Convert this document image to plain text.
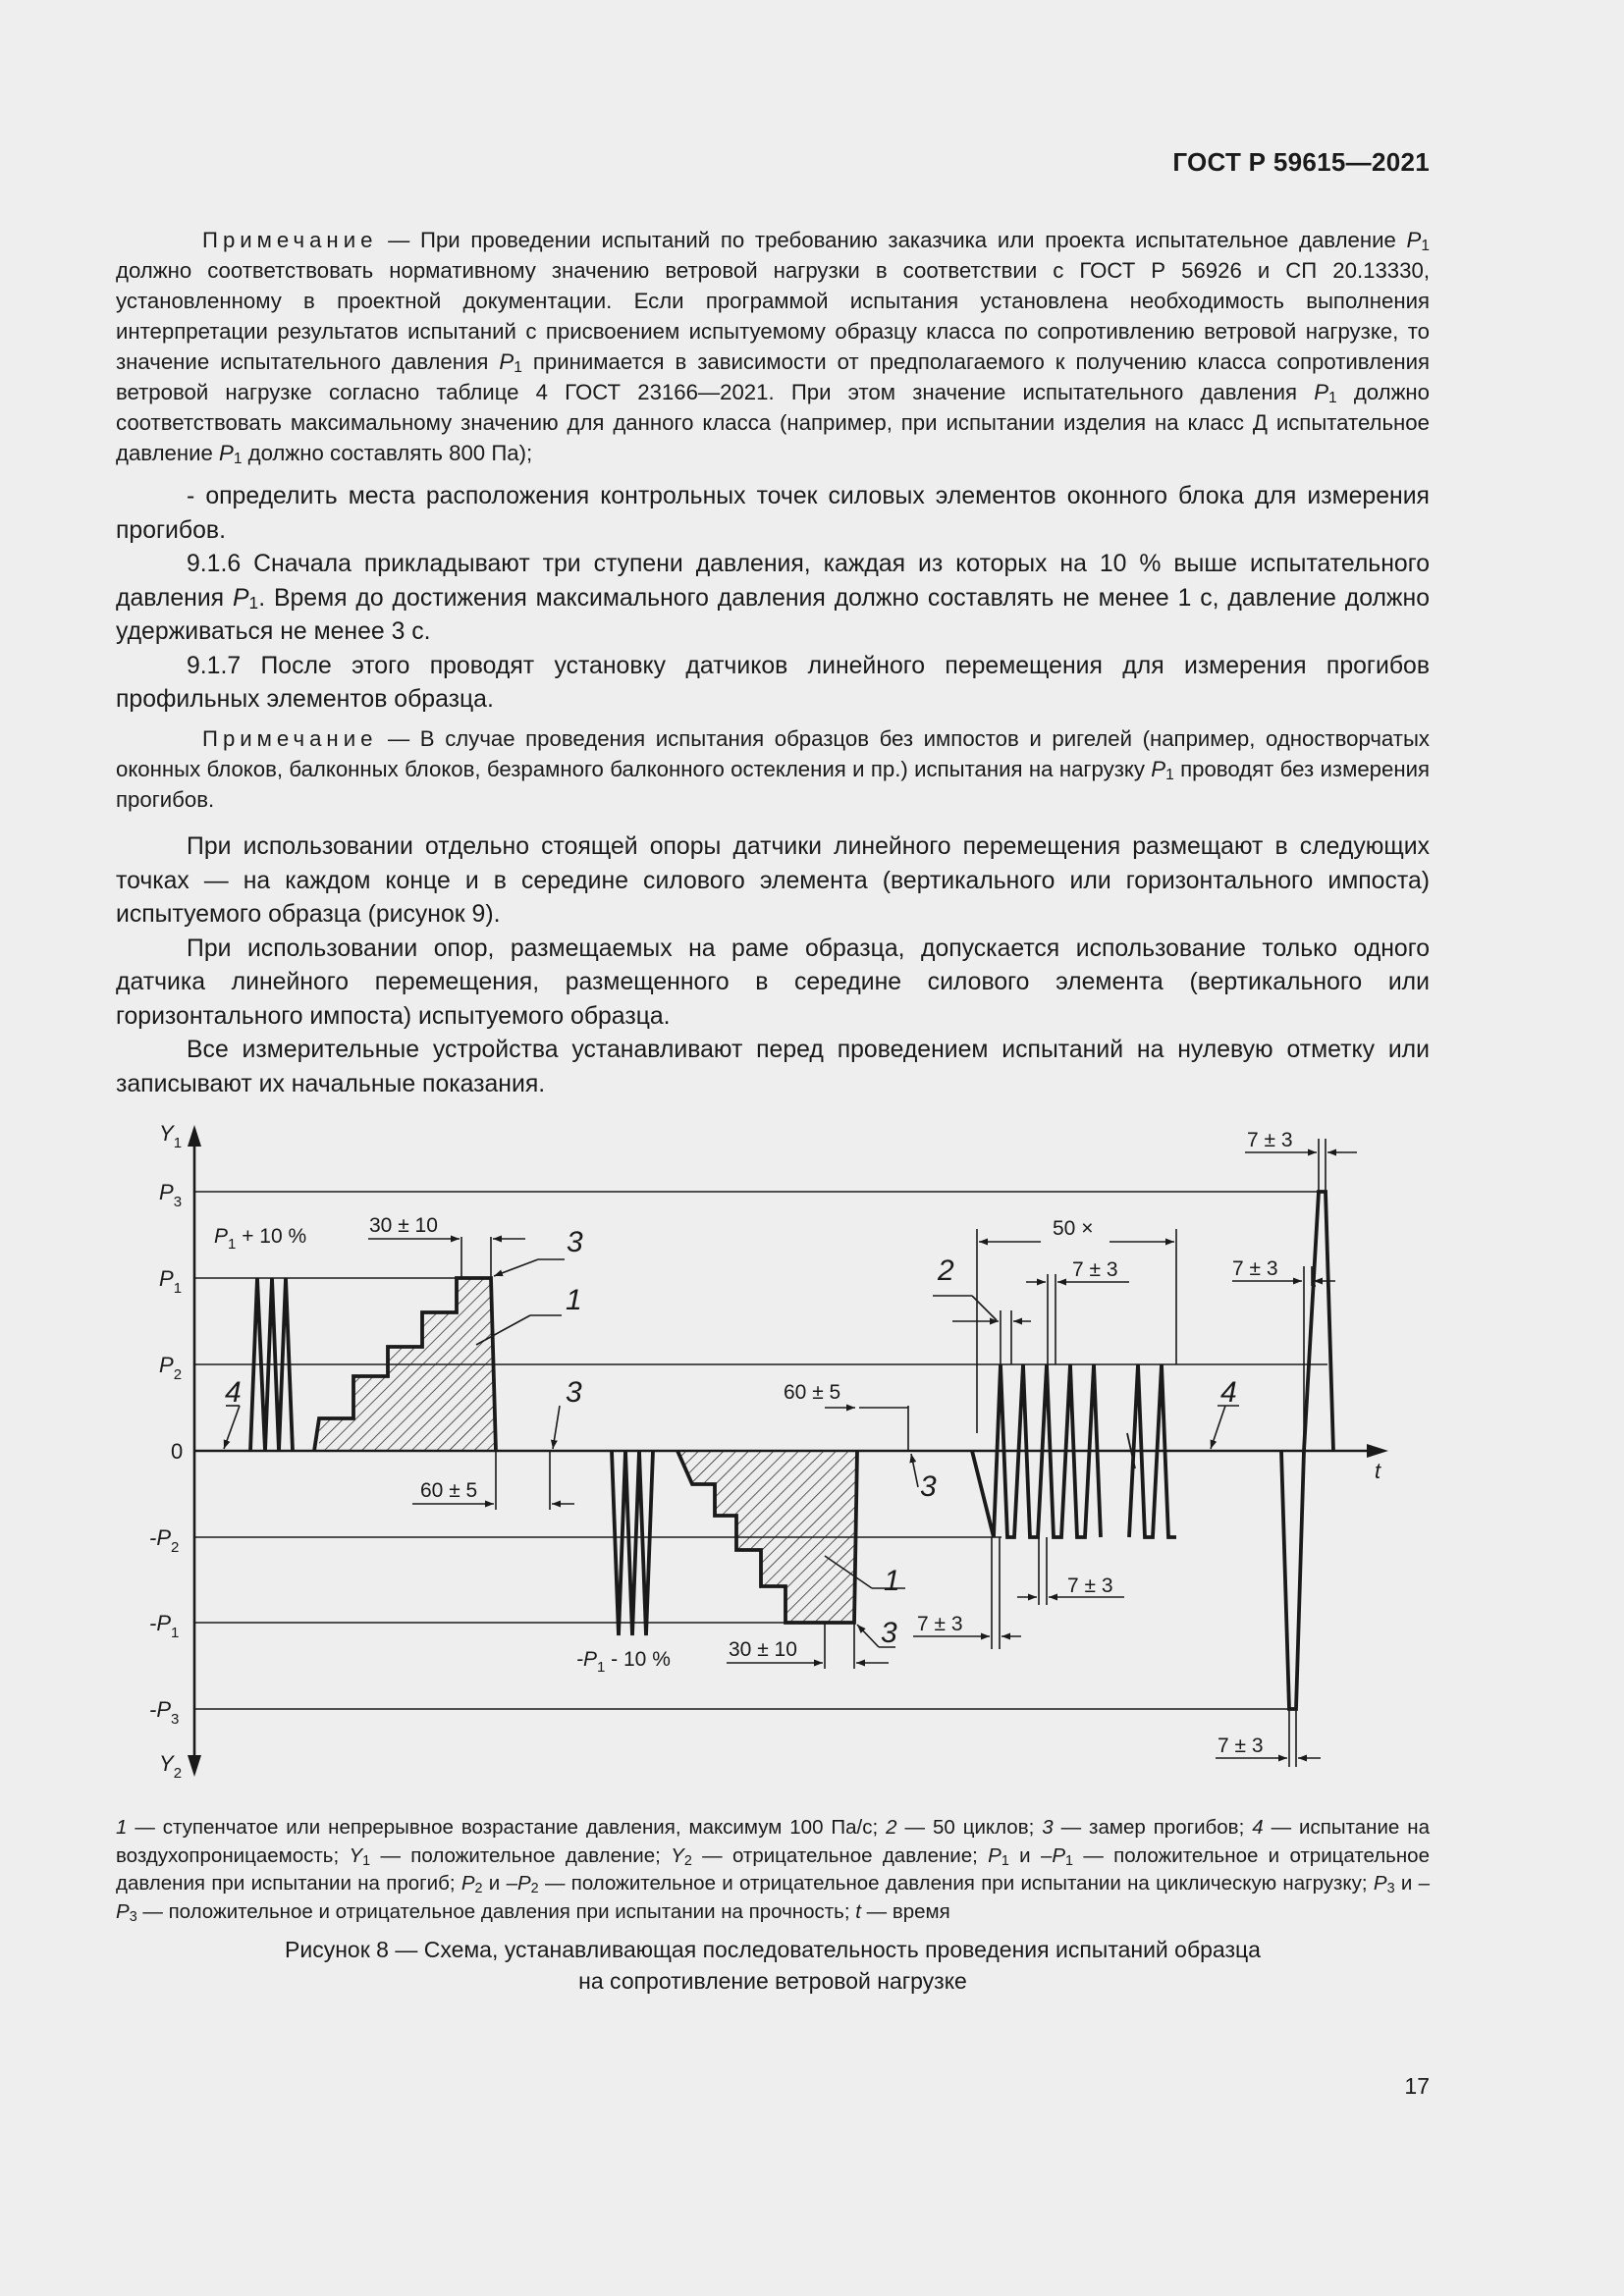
ГОСТ Р 59615—2021

Примечание — При проведении испытаний по требованию заказчика или проекта испытательное давление $P_1$ должно соответствовать нормативному значению ветровой нагрузки в соответствии с ГОСТ Р 56926 и СП 20.13330, установленному в проектной документации. Если программой испытания установлена необходимость выполнения интерпретации результатов испытаний с присвоением испытуемому образцу класса по сопротивлению ветровой нагрузке, то значение испытательного давления $P_1$ принимается в зависимости от предполагаемого к получению класса сопротивления ветровой нагрузке согласно таблице 4 ГОСТ 23166—2021. При этом значение испытательного давления $P_1$ должно соответствовать максимальному значению для данного класса (например, при испытании изделия на класс Д испытательное давление $P_1$ должно составлять 800 Па);

- определить места расположения контрольных точек силовых элементов оконного блока для измерения прогибов.

9.1.6 Сначала прикладывают три ступени давления, каждая из которых на 10 % выше испытательного давления $P_1$. Время до достижения максимального давления должно составлять не менее 1 с, давление должно удерживаться не менее 3 с.

9.1.7 После этого проводят установку датчиков линейного перемещения для измерения прогибов профильных элементов образца.

Примечание — В случае проведения испытания образцов без импостов и ригелей (например, одностворчатых оконных блоков, балконных блоков, безрамного балконного остекления и пр.) испытания на нагрузку $P_1$ проводят без измерения прогибов.

При использовании отдельно стоящей опоры датчики линейного перемещения размещают в следующих точках — на каждом конце и в середине силового элемента (вертикального или горизонтального импоста) испытуемого образца (рисунок 9).

При использовании опор, размещаемых на раме образца, допускается использование только одного датчика линейного перемещения, размещенного в середине силового элемента (вертикального или горизонтального импоста) испытуемого образца.

Все измерительные устройства устанавливают перед проведением испытаний на нулевую отметку или записывают их начальные показания.

$Y_1$
$Y_2$
t
$P_3$
$P_1$
$P_2$
0
$-P_2$
$-P_1$
$-P_3$
$P_1 + 10$ %	30 ± 10
60 ± 5
60 ± 5
$-P_1 - 10$ %	30 ± 10
50 ×
7 ± 3
7 ± 3
7 ± 3
7 ± 3
7 ± 3
7 ± 3
3
1
3
4
3
1
3
2
4
1 — ступенчатое или непрерывное возрастание давления, максимум 100 Па/с; 2 — 50 циклов; 3 — замер прогибов; 4 — испытание на воздухопроницаемость; $Y_1$ — положительное давление; $Y_2$ — отрицательное давление; $P_1$ и $-P_1$ — положительное и отрицательное давления при испытании на прогиб; $P_2$ и $-P_2$ — положительное и отрицательное давления при испытании на циклическую нагрузку; $P_3$ и $-P_3$ — положительное и отрицательное давления при испытании на прочность; t — время
Рисунок 8 — Схема, устанавливающая последовательность проведения испытаний образца
на сопротивление ветровой нагрузке
17
